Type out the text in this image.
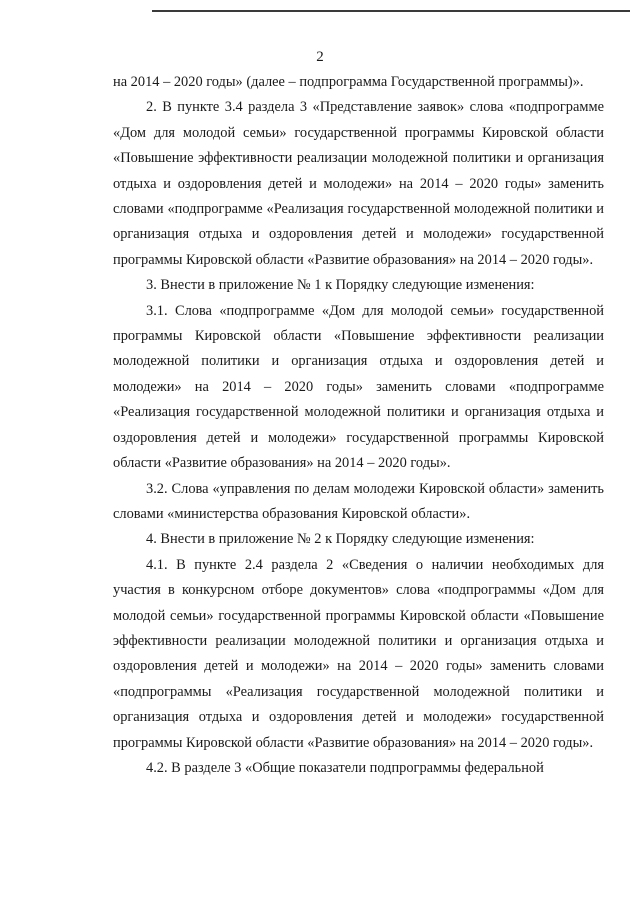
2

на 2014 – 2020 годы» (далее – подпрограмма Государственной программы)».

2. В пункте 3.4 раздела 3 «Представление заявок» слова «подпрограмме «Дом для молодой семьи» государственной программы Кировской области «Повышение эффективности реализации молодежной политики и организация отдыха и оздоровления детей и молодежи» на 2014 – 2020 годы» заменить словами «подпрограмме «Реализация государственной молодежной политики и организация отдыха и оздоровления детей и молодежи» государственной программы Кировской области «Развитие образования» на 2014 – 2020 годы».

3. Внести в приложение № 1 к Порядку следующие изменения:

3.1. Слова «подпрограмме «Дом для молодой семьи» государственной программы Кировской области «Повышение эффективности реализации молодежной политики и организация отдыха и оздоровления детей и молодежи» на 2014 – 2020 годы» заменить словами «подпрограмме «Реализация государственной молодежной политики и организация отдыха и оздоровления детей и молодежи» государственной программы Кировской области «Развитие образования» на 2014 – 2020 годы».

3.2. Слова «управления по делам молодежи Кировской области» заменить словами «министерства образования Кировской области».

4. Внести в приложение № 2 к Порядку следующие изменения:

4.1. В пункте 2.4 раздела 2 «Сведения о наличии необходимых для участия в конкурсном отборе документов» слова «подпрограммы «Дом для молодой семьи» государственной программы Кировской области «Повышение эффективности реализации молодежной политики и организация отдыха и оздоровления детей и молодежи» на 2014 – 2020 годы» заменить словами «подпрограммы «Реализация государственной молодежной политики и организация отдыха и оздоровления детей и молодежи» государственной программы Кировской области «Развитие образования» на 2014 – 2020 годы».

4.2. В разделе 3 «Общие показатели подпрограммы федеральной
